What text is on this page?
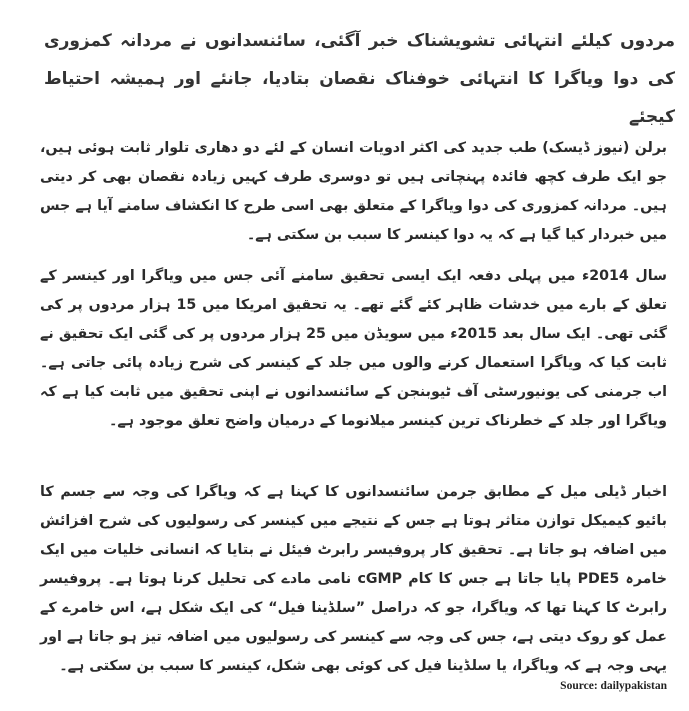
مردوں کیلئے انتہائی تشویشناک خبر آگئی، سائنسدانوں نے مردانہ کمزوری کی دوا ویاگرا کا انتہائی خوفناک نقصان بتادیا، جانئے اور ہمیشہ احتیاط کیجئے
برلن (نیوز ڈیسک) طب جدید کی اکثر ادویات انسان کے لئے دو دھاری تلوار ثابت ہوئی ہیں، جو ایک طرف کچھ فائدہ پہنچاتی ہیں تو دوسری طرف کہیں زیادہ نقصان بھی کر دیتی ہیں۔ مردانہ کمزوری کی دوا ویاگرا کے متعلق بھی اسی طرح کا انکشاف سامنے آیا ہے جس میں خبردار کیا گیا ہے کہ یہ دوا کینسر کا سبب بن سکتی ہے۔
سال 2014ء میں پہلی دفعہ ایک ایسی تحقیق سامنے آئی جس میں ویاگرا اور کینسر کے تعلق کے بارے میں خدشات ظاہر کئے گئے تھے۔ یہ تحقیق امریکا میں 15 ہزار مردوں پر کی گئی تھی۔ ایک سال بعد 2015ء میں سویڈن میں 25 ہزار مردوں پر کی گئی ایک تحقیق نے ثابت کیا کہ ویاگرا استعمال کرنے والوں میں جلد کے کینسر کی شرح زیادہ پائی جاتی ہے۔ اب جرمنی کی یونیورسٹی آف ٹیوبنجن کے سائنسدانوں نے اپنی تحقیق میں ثابت کیا ہے کہ ویاگرا اور جلد کے خطرناک ترین کینسر میلانوما کے درمیان واضح تعلق موجود ہے۔
اخبار ڈیلی میل کے مطابق جرمن سائنسدانوں کا کہنا ہے کہ ویاگرا کی وجہ سے جسم کا بائیو کیمیکل توازن متاثر ہوتا ہے جس کے نتیجے میں کینسر کی رسولیوں کی شرح افزائش میں اضافہ ہو جاتا ہے۔ تحقیق کار پروفیسر رابرٹ فیئل نے بتایا کہ انسانی خلیات میں ایک خامرہ PDE5 پایا جاتا ہے جس کا کام cGMP نامی مادے کی تحلیل کرنا ہوتا ہے۔ پروفیسر رابرٹ کا کہنا تھا کہ ویاگرا، جو کہ دراصل ”سلڈینا فیل“ کی ایک شکل ہے، اس خامرے کے عمل کو روک دیتی ہے، جس کی وجہ سے کینسر کی رسولیوں میں اضافہ تیز ہو جاتا ہے اور یہی وجہ ہے کہ ویاگرا، یا سلڈینا فیل کی کوئی بھی شکل، کینسر کا سبب بن سکتی ہے۔
Source: dailypakistan
